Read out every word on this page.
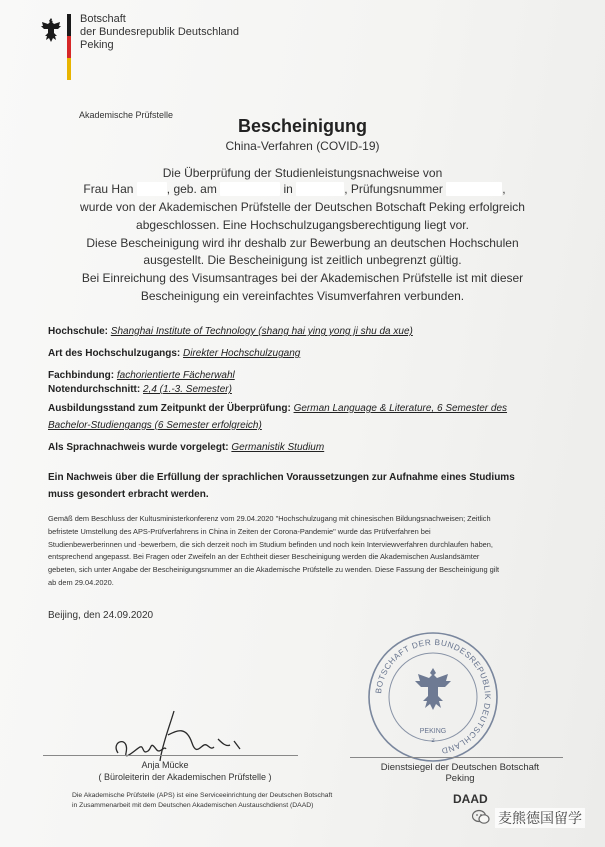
Botschaft
der Bundesrepublik Deutschland
Peking
Akademische Prüfstelle
Bescheinigung
China-Verfahren (COVID-19)
Die Überprüfung der Studienleistungsnachweise von
Frau Han	, geb. am	in	, Prüfungsnummer	,
wurde von der Akademischen Prüfstelle der Deutschen Botschaft Peking erfolgreich
abgeschlossen. Eine Hochschulzugangsberechtigung liegt vor.
Diese Bescheinigung wird ihr deshalb zur Bewerbung an deutschen Hochschulen
ausgestellt. Die Bescheinigung ist zeitlich unbegrenzt gültig.
Bei Einreichung des Visumsantrages bei der Akademischen Prüfstelle ist mit dieser
Bescheinigung ein vereinfachtes Visumverfahren verbunden.
Hochschule: Shanghai Institute of Technology (shang hai ying yong ji shu da xue)
Art des Hochschulzugangs: Direkter Hochschulzugang
Fachbindung: fachorientierte Fächerwahl
Notendurchschnitt: 2,4 (1.-3. Semester)
Ausbildungsstand zum Zeitpunkt der Überprüfung: German Language & Literature, 6 Semester des
Bachelor-Studiengangs (6 Semester erfolgreich)
Als Sprachnachweis wurde vorgelegt: Germanistik Studium
Ein Nachweis über die Erfüllung der sprachlichen Voraussetzungen zur Aufnahme eines Studiums
muss gesondert erbracht werden.
Gemäß dem Beschluss der Kultusministerkonferenz vom 29.04.2020 "Hochschulzugang mit chinesischen Bildungsnachweisen; Zeitlich
befristete Umstellung des APS-Prüfverfahrens in China in Zeiten der Corona-Pandemie" wurde das Prüfverfahren bei
Studienbewerberinnen und -bewerbern, die sich derzeit noch im Studium befinden und noch kein Interviewverfahren durchlaufen haben,
entsprechend angepasst. Bei Fragen oder Zweifeln an der Echtheit dieser Bescheinigung werden die Akademischen Auslandsämter
gebeten, sich unter Angabe der Bescheinigungsnummer an die Akademische Prüfstelle zu wenden. Diese Fassung der Bescheinigung gilt
ab dem 29.04.2020.
Beijing, den 24.09.2020
BOTSCHAFT DER BUNDESREPUBLIK DEUTSCHLAND
PEKING
2
Anja Mücke
( Büroleiterin der Akademischen Prüfstelle )
Dienstsiegel der Deutschen Botschaft
Peking
Die Akademische Prüfstelle (APS) ist eine Serviceeinrichtung der Deutschen Botschaft
in Zusammenarbeit mit dem Deutschen Akademischen Austauschdienst (DAAD)	DAAD
麦熊德国留学
